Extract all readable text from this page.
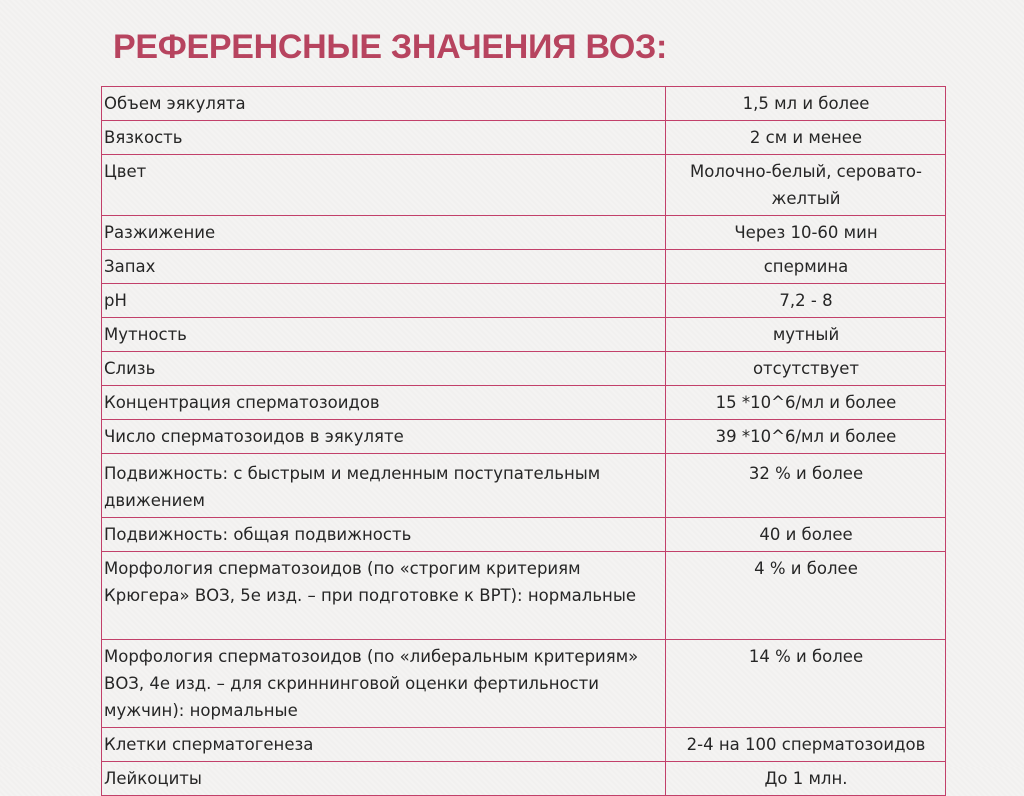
РЕФЕРЕНСНЫЕ ЗНАЧЕНИЯ ВОЗ:
Объем эякулята	1,5 мл и более
Вязкость	2 см и менее
Цвет	Молочно-белый, серовато-желтый
Разжижение	Через 10-60 мин
Запах	спермина
pH	7,2 - 8
Мутность	мутный
Слизь	отсутствует
Концентрация сперматозоидов	15 *10^6/мл и более
Число сперматозоидов в эякуляте	39 *10^6/мл и более
Подвижность: с быстрым и медленным поступательным движением	32 % и более
Подвижность: общая подвижность	40 и более
Морфология сперматозоидов (по «строгим критериям Крюгера» ВОЗ, 5е изд. – при подготовке к ВРТ): нормальные	4 % и более
Морфология сперматозоидов (по «либеральным критериям» ВОЗ, 4е изд. – для скриннинговой оценки фертильности мужчин): нормальные	14 % и более
Клетки сперматогенеза	2-4 на 100 сперматозоидов
Лейкоциты	До 1 млн.
